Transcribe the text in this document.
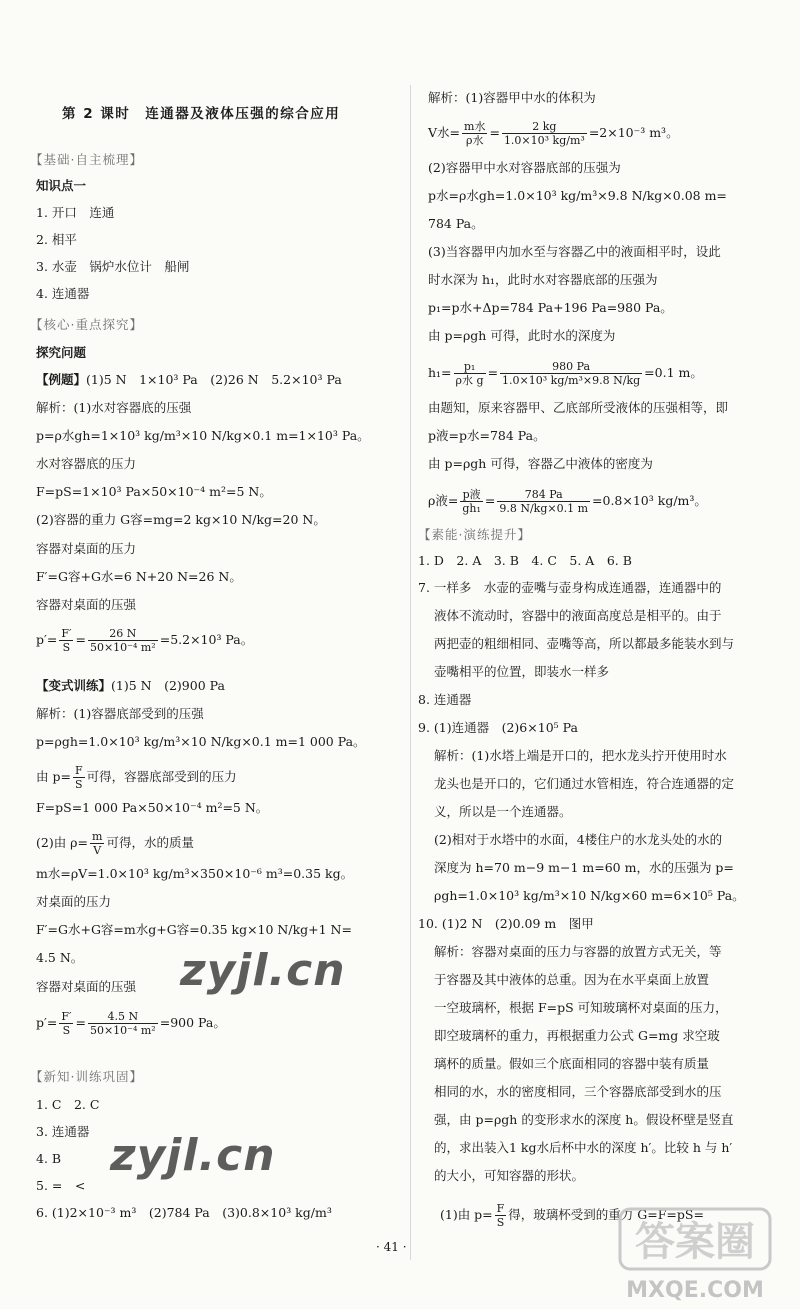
第 2 课时　连通器及液体压强的综合应用
【基础·自主梳理】
知识点一
1. 开口　连通
2. 相平
3. 水壶　锅炉水位计　船闸
4. 连通器
【核心·重点探究】
探究问题
【例题】(1)5 N　1×10³ Pa　(2)26 N　5.2×10³ Pa
解析：(1)水对容器底的压强
p=ρ水gh=1×10³ kg/m³×10 N/kg×0.1 m=1×10³ Pa。
水对容器底的压力
F=pS=1×10³ Pa×50×10⁻⁴ m²=5 N。
(2)容器的重力 G容=mg=2 kg×10 N/kg=20 N。
容器对桌面的压力
F′=G容+G水=6 N+20 N=26 N。
容器对桌面的压强
$p'= \frac{F'}{S} = \frac{26 N}{\text{50×10⁻⁴ m²}} =5.2\times 10^3$ Pa。
【变式训练】(1)5 N　(2)900 Pa
解析：(1)容器底部受到的压强
p=ρgh=1.0×10³ kg/m³×10 N/kg×0.1 m=1 000 Pa。
由 $p= \frac{F}{S}$ 可得，容器底部受到的压力
F=pS=1 000 Pa×50×10⁻⁴ m²=5 N。
(2)由 $\rho= \frac{m}{V}$ 可得，水的质量
m水=ρV=1.0×10³ kg/m³×350×10⁻⁶ m³=0.35 kg。
对桌面的压力
F′=G水+G容=m水g+G容=0.35 kg×10 N/kg+1 N=
4.5 N。
容器对桌面的压强
$p'= \frac{F'}{S} = \frac{4.5 N}{\text{50×10⁻⁴ m²}} =900$ Pa。
【新知·训练巩固】
1. C　2. C
3. 连通器
4. B
5. =　<
6. (1)2×10⁻³ m³　(2)784 Pa　(3)0.8×10³ kg/m³
zyjl.cn
zyjl.cn
解析：(1)容器甲中水的体积为
V水= $\frac{\text{m水}}{\text{ρ水}} = \frac{2 kg}{\text{1.0×10³ kg/m³}} =2\times 10^{-3}$ m³。
(2)容器甲中水对容器底部的压强为
p水=ρ水gh=1.0×10³ kg/m³×9.8 N/kg×0.08 m=
784 Pa。
(3)当容器甲内加水至与容器乙中的液面相平时，设此
时水深为 h₁，此时水对容器底部的压强为
p₁=p水+Δp=784 Pa+196 Pa=980 Pa。
由 p=ρgh 可得，此时水的深度为
$h_1= \frac{\text{p₁}}{\text{ρ水 g}} = \frac{980 Pa}{\text{1.0×10³ kg/m³×9.8 N/kg}} =0.1$ m。
由题知，原来容器甲、乙底部所受液体的压强相等，即
p液=p水=784 Pa。
由 p=ρgh 可得，容器乙中液体的密度为
ρ液= $\frac{\text{p液}}{\text{gh₁}} = \frac{784 Pa}{9.8 N/kg\times 0.1 m} =0.8\times 10^3$ kg/m³。
【素能·演练提升】
1. D　2. A　3. B　4. C　5. A　6. B
7. 一样多　水壶的壶嘴与壶身构成连通器，连通器中的
液体不流动时，容器中的液面高度总是相平的。由于
两把壶的粗细相同、壶嘴等高，所以都最多能装水到与
壶嘴相平的位置，即装水一样多
8. 连通器
9. (1)连通器　(2)6×10⁵ Pa
解析：(1)水塔上端是开口的，把水龙头拧开使用时水
龙头也是开口的，它们通过水管相连，符合连通器的定
义，所以是一个连通器。
(2)相对于水塔中的水面，4楼住户的水龙头处的水的
深度为 h=70 m−9 m−1 m=60 m，水的压强为 p=
ρgh=1.0×10³ kg/m³×10 N/kg×60 m=6×10⁵ Pa。
10. (1)2 N　(2)0.09 m　图甲
解析：容器对桌面的压力与容器的放置方式无关，等
于容器及其中液体的总重。因为在水平桌面上放置
一空玻璃杯，根据 F=pS 可知玻璃杯对桌面的压力，
即空玻璃杯的重力，再根据重力公式 G=mg 求空玻
璃杯的质量。假如三个底面相同的容器中装有质量
相同的水，水的密度相同，三个容器底部受到水的压
强，由 p=ρgh 的变形求水的深度 h。假设杯壁是竖直
的，求出装入1 kg水后杯中水的深度 h′。比较 h 与 h′
的大小，可知容器的形状。
(1)由 $p= \frac{F}{S}$ 得，玻璃杯受到的重力 G=F=pS=
· 41 ·	答案圈
MXQE.COM
